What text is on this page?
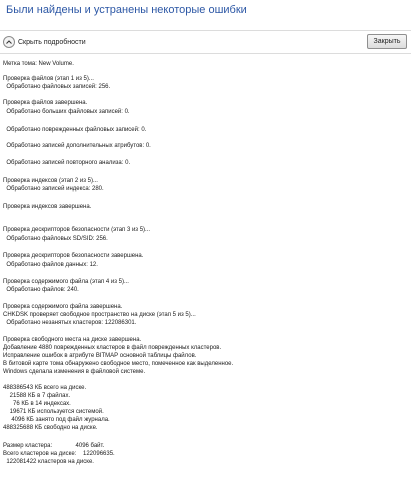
Были найдены и устранены некоторые ошибки
Скрыть подробности	Закрыть
Метка тома: New Volume.
Проверка файлов (этап 1 из 5)...
Обработано файловых записей: 256.
Проверка файлов завершена.
Обработано больших файловых записей: 0.
Обработано поврежденных файловых записей: 0.
Обработано записей дополнительных атрибутов: 0.
Обработано записей повторного анализа: 0.
Проверка индексов (этап 2 из 5)...
Обработано записей индекса: 280.
Проверка индексов завершена.
Проверка дескрипторов безопасности (этап 3 из 5)...
Обработано файловых SD/SID: 256.
Проверка дескрипторов безопасности завершена.
Обработано файлов данных: 12.
Проверка содержимого файла (этап 4 из 5)...
Обработано файлов: 240.
Проверка содержимого файла завершена.
CHKDSK проверяет свободное пространство на диске (этап 5 из 5)...
Обработано незанятых кластеров: 122086301.
Проверка свободного места на диске завершена.
Добавление 4880 поврежденных кластеров в файл поврежденных кластеров.
Исправление ошибок в атрибуте BITMAP основной таблицы файлов.
В битовой карте тома обнаружено свободное место, помеченное как выделенное.
Windows сделала изменения в файловой системе.
488386543 КБ всего на диске.
21588 КБ в 7 файлах.
76 КБ в 14 индексах.
19671 КБ используется системой.
4096 КБ занято под файл журнала.
488325688 КБ свободно на диске.
Размер кластера:              4096 байт.
Всего кластеров на диске:    122096635.
122081422 кластеров на диске.
